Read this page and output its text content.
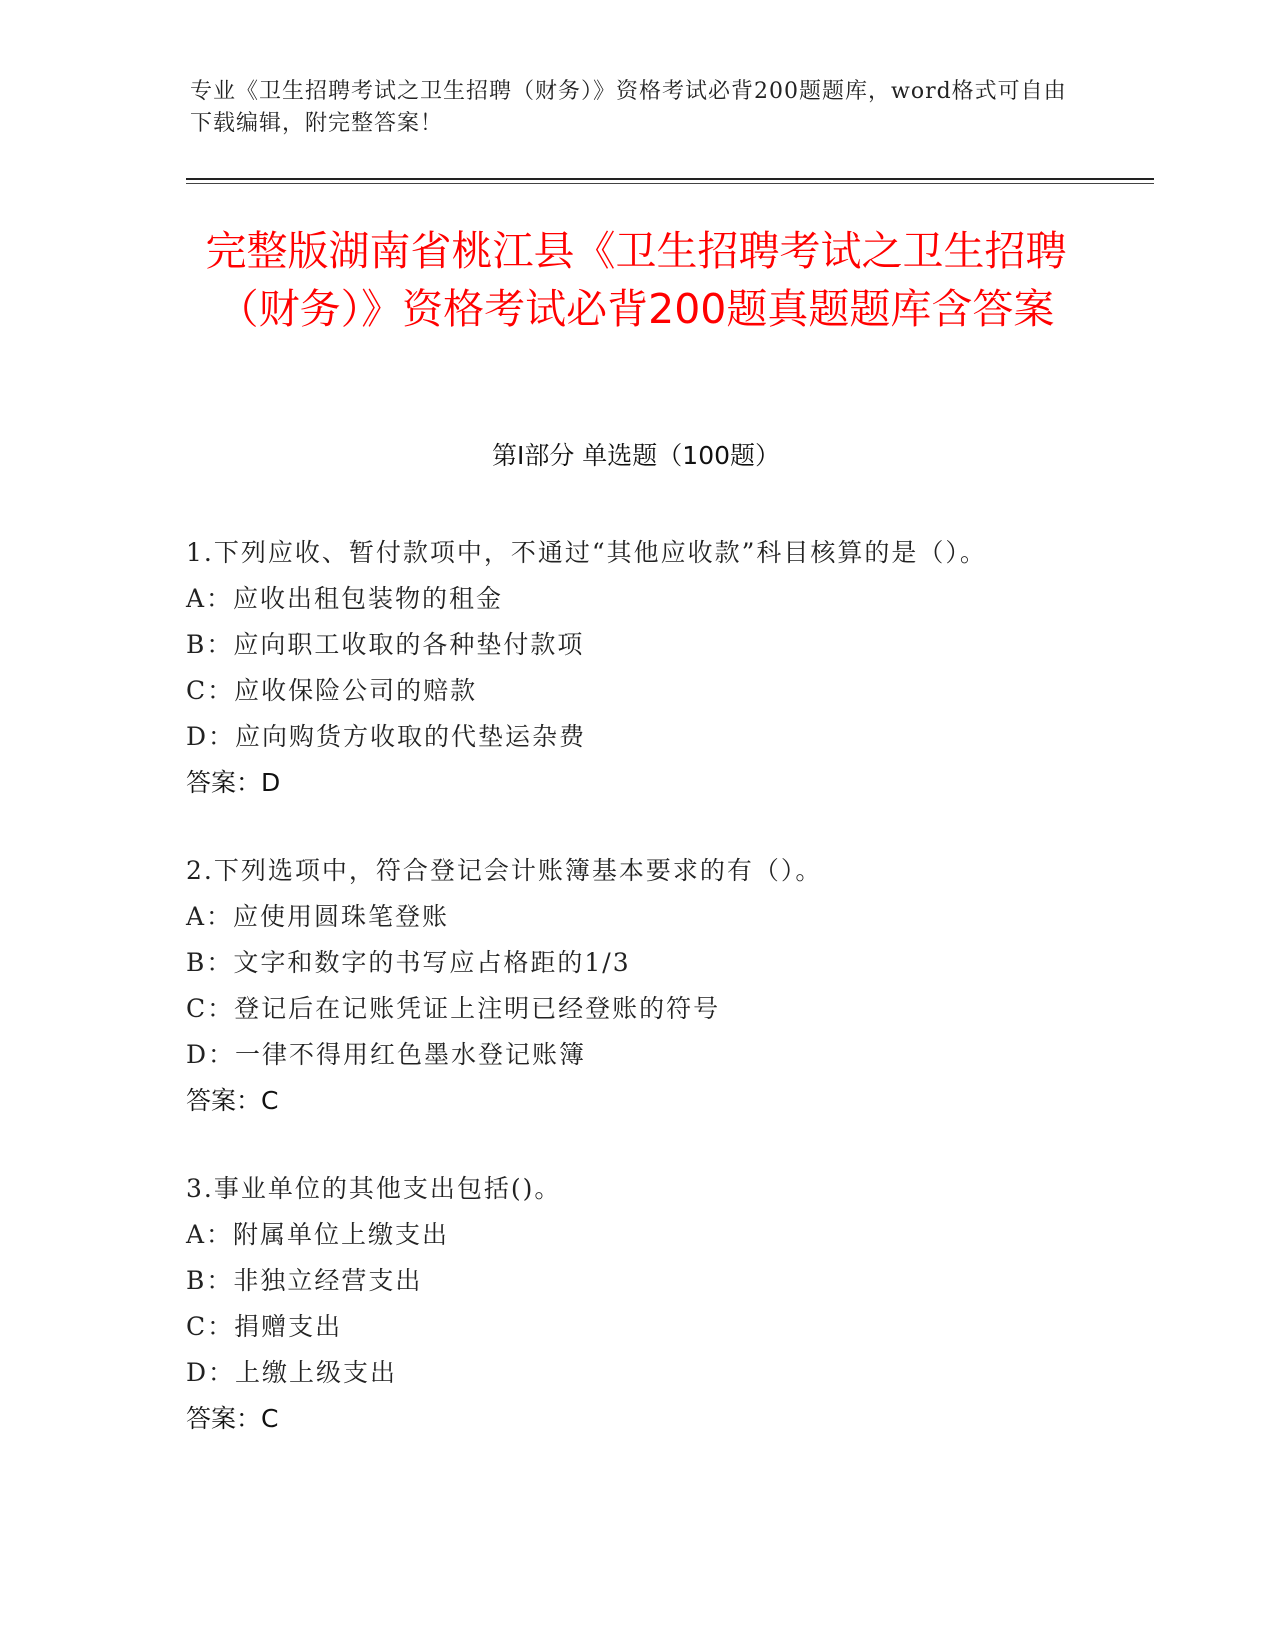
专业《卫生招聘考试之卫生招聘（财务）》资格考试必背200题题库，word格式可自由下载编辑，附完整答案！
完整版湖南省桃江县《卫生招聘考试之卫生招聘（财务）》资格考试必背200题真题题库含答案
第Ⅰ部分 单选题（100题）
1.下列应收、暂付款项中，不通过“其他应收款”科目核算的是（）。
A：应收出租包装物的租金
B：应向职工收取的各种垫付款项
C：应收保险公司的赔款
D：应向购货方收取的代垫运杂费
答案：D
2.下列选项中，符合登记会计账簿基本要求的有（）。
A：应使用圆珠笔登账
B：文字和数字的书写应占格距的1/3
C：登记后在记账凭证上注明已经登账的符号
D：一律不得用红色墨水登记账簿
答案：C
3.事业单位的其他支出包括()。
A：附属单位上缴支出
B：非独立经营支出
C：捐赠支出
D：上缴上级支出
答案：C
